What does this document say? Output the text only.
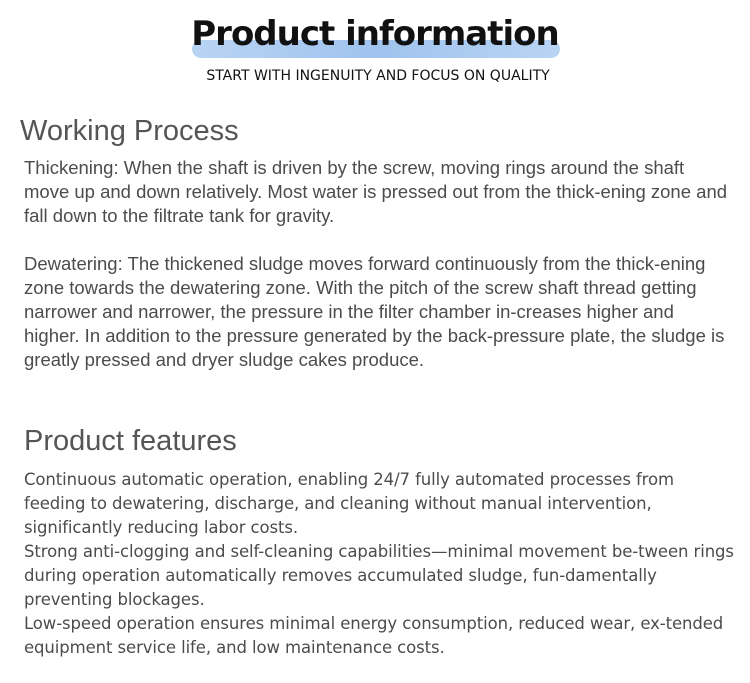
Product information

START WITH INGENUITY AND FOCUS ON QUALITY

Working Process

Thickening: When the shaft is driven by the screw, moving rings around the shaft move up and down relatively. Most water is pressed out from the thick-ening zone and fall down to the filtrate tank for gravity.

Dewatering: The thickened sludge moves forward continuously from the thick-ening zone towards the dewatering zone. With the pitch of the screw shaft thread getting narrower and narrower, the pressure in the filter chamber in-creases higher and higher. In addition to the pressure generated by the back-pressure plate, the sludge is greatly pressed and dryer sludge cakes produce.

Product features
Continuous automatic operation, enabling 24/7 fully automated processes from feeding to dewatering, discharge, and cleaning without manual intervention, significantly reducing labor costs.
Strong anti-clogging and self-cleaning capabilities—minimal movement be-tween rings during operation automatically removes accumulated sludge, fun-damentally preventing blockages.
Low-speed operation ensures minimal energy consumption, reduced wear, ex-tended equipment service life, and low maintenance costs.
